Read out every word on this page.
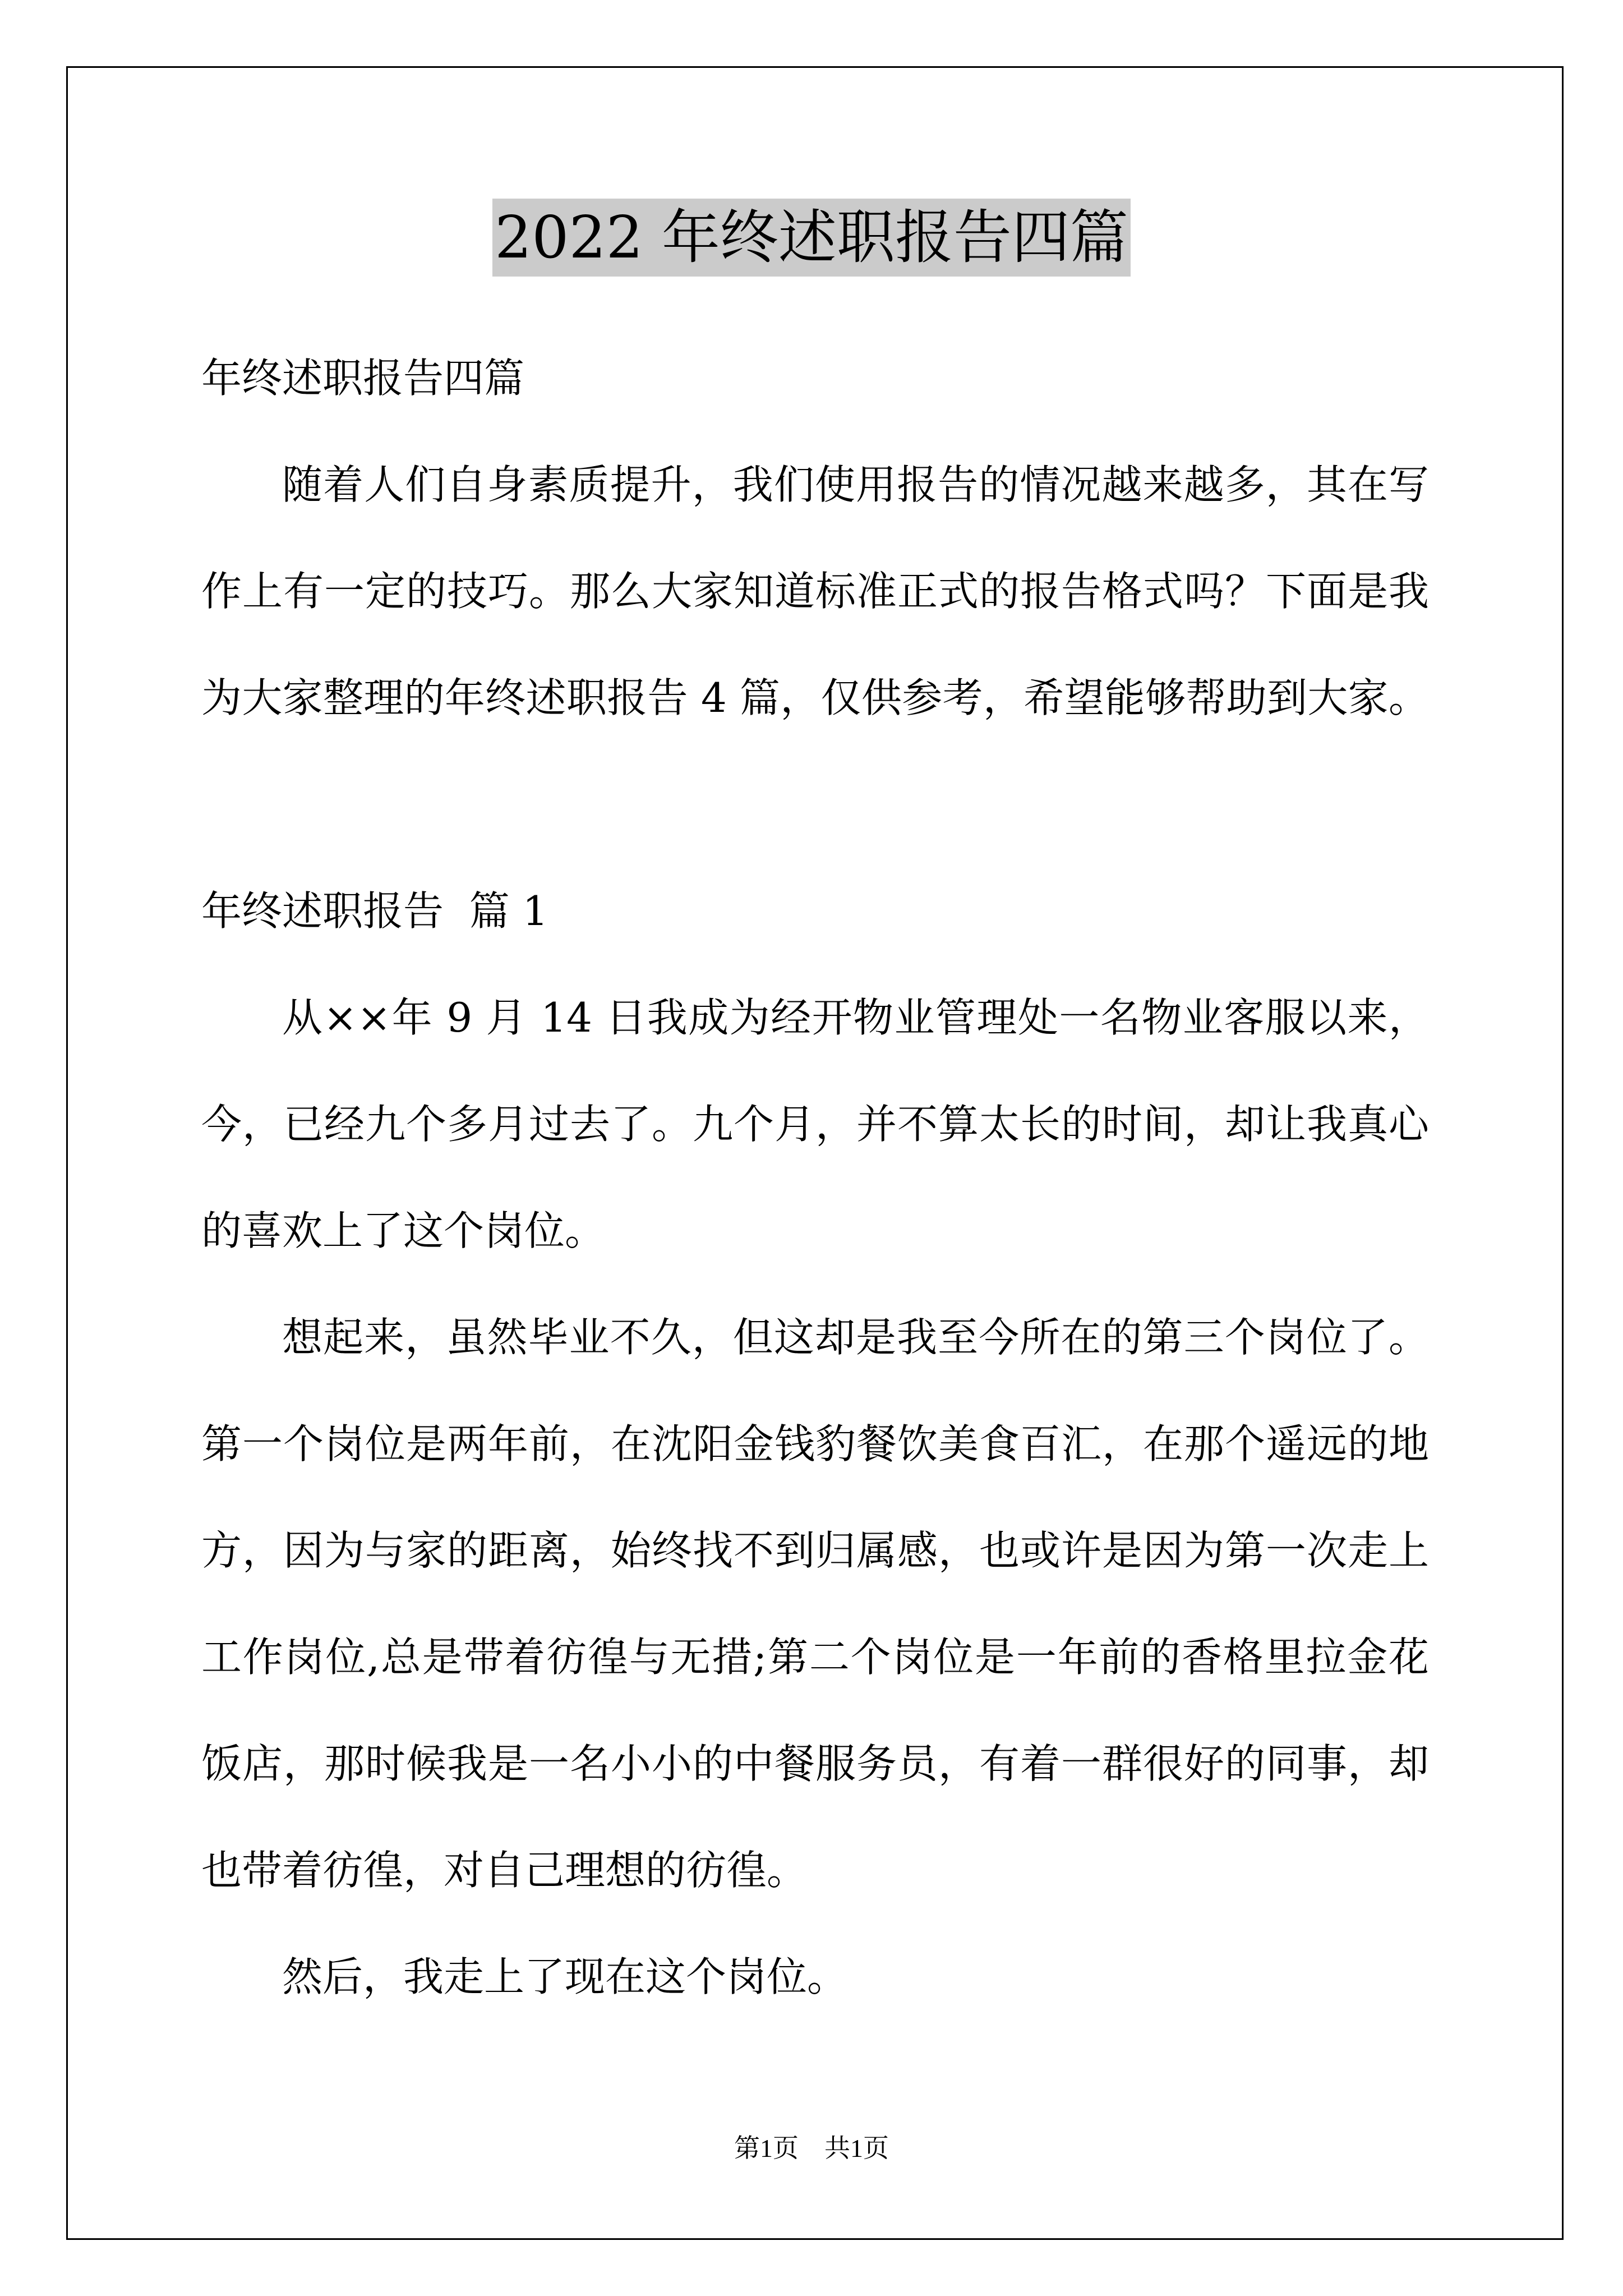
2022 年终述职报告四篇
年终述职报告四篇
随着人们自身素质提升，我们使用报告的情况越来越多，其在写
作上有一定的技巧。那么大家知道标准正式的报告格式吗？下面是我
为大家整理的年终述职报告 4 篇，仅供参考，希望能够帮助到大家。
年终述职报告  篇 1
从××年 9 月 14 日我成为经开物业管理处一名物业客服以来，
今，已经九个多月过去了。九个月，并不算太长的时间，却让我真心
的喜欢上了这个岗位。
想起来，虽然毕业不久，但这却是我至今所在的第三个岗位了。
第一个岗位是两年前，在沈阳金钱豹餐饮美食百汇，在那个遥远的地
方，因为与家的距离，始终找不到归属感，也或许是因为第一次走上
工作岗位,总是带着彷徨与无措;第二个岗位是一年前的香格里拉金花
饭店，那时候我是一名小小的中餐服务员，有着一群很好的同事，却
也带着彷徨，对自己理想的彷徨。
然后，我走上了现在这个岗位。
第1页　共1页
